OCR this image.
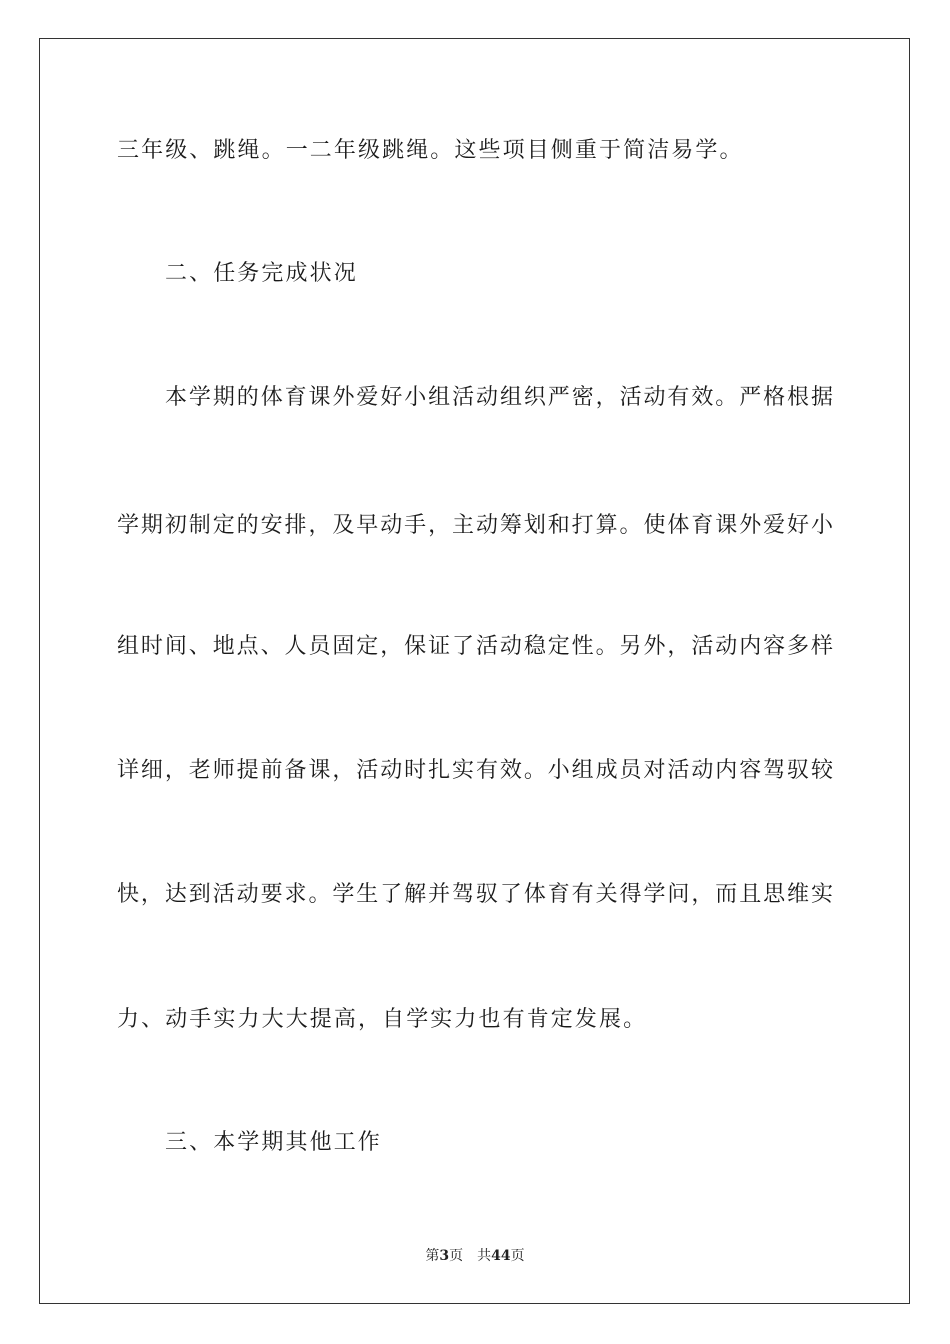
三年级、跳绳。一二年级跳绳。这些项目侧重于简洁易学。
二、任务完成状况
本学期的体育课外爱好小组活动组织严密，活动有效。严格根据
学期初制定的安排，及早动手，主动筹划和打算。使体育课外爱好小
组时间、地点、人员固定，保证了活动稳定性。另外，活动内容多样
详细，老师提前备课，活动时扎实有效。小组成员对活动内容驾驭较
快，达到活动要求。学生了解并驾驭了体育有关得学问，而且思维实
力、动手实力大大提高，自学实力也有肯定发展。
三、本学期其他工作
第3页 共44页
